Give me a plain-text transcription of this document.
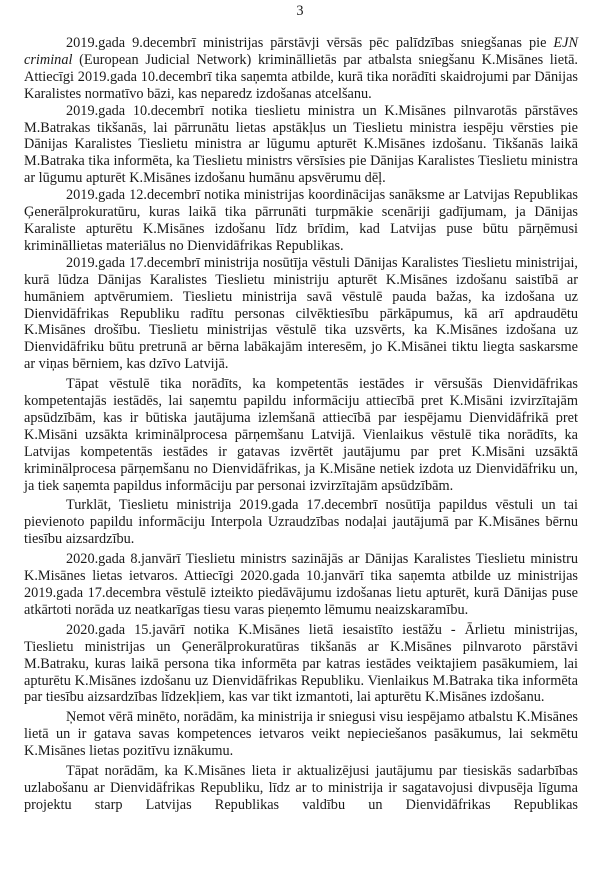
3

2019.gada 9.decembrī ministrijas pārstāvji vērsās pēc palīdzības sniegšanas pie EJN criminal (European Judicial Network) krimināllietās par atbalsta sniegšanu K.Misānes lietā. Attiecīgi 2019.gada 10.decembrī tika saņemta atbilde, kurā tika norādīti skaidrojumi par Dānijas Karalistes normatīvo bāzi, kas neparedz izdošanas atcelšanu.

2019.gada 10.decembrī notika tieslietu ministra un K.Misānes pilnvarotās pārstāves M.Batrakas tikšanās, lai pārrunātu lietas apstākļus un Tieslietu ministra iespēju vērsties pie Dānijas Karalistes Tieslietu ministra ar lūgumu apturēt K.Misānes izdošanu. Tikšanās laikā M.Batraka tika informēta, ka Tieslietu ministrs vērsīsies pie Dānijas Karalistes Tieslietu ministra ar lūgumu apturēt K.Misānes izdošanu humānu apsvērumu dēļ.

2019.gada 12.decembrī notika ministrijas koordinācijas sanāksme ar Latvijas Republikas Ģenerālprokuratūru, kuras laikā tika pārrunāti turpmākie scenāriji gadījumam, ja Dānijas Karaliste apturētu K.Misānes izdošanu līdz brīdim, kad Latvijas puse būtu pārņēmusi krimināllietas materiālus no Dienvidāfrikas Republikas.

2019.gada 17.decembrī ministrija nosūtīja vēstuli Dānijas Karalistes Tieslietu ministrijai, kurā lūdza Dānijas Karalistes Tieslietu ministriju apturēt K.Misānes izdošanu saistībā ar humāniem aptvērumiem. Tieslietu ministrija savā vēstulē pauda bažas, ka izdošana uz Dienvidāfrikas Republiku radītu personas cilvēktiesību pārkāpumus, kā arī apdraudētu K.Misānes drošību. Tieslietu ministrijas vēstulē tika uzsvērts, ka K.Misānes izdošana uz Dienvidāfriku būtu pretrunā ar bērna labākajām interesēm, jo K.Misānei tiktu liegta saskarsme ar viņas bērniem, kas dzīvo Latvijā.

Tāpat vēstulē tika norādīts, ka kompetentās iestādes ir vērsušās Dienvidāfrikas kompetentajās iestādēs, lai saņemtu papildu informāciju attiecībā pret K.Misāni izvirzītajām apsūdzībām, kas ir būtiska jautājuma izlemšanā attiecībā par iespējamu Dienvidāfrikā pret K.Misāni uzsākta kriminālprocesa pārņemšanu Latvijā. Vienlaikus vēstulē tika norādīts, ka Latvijas kompetentās iestādes ir gatavas izvērtēt jautājumu par pret K.Misāni uzsāktā kriminālprocesa pārņemšanu no Dienvidāfrikas, ja K.Misāne netiek izdota uz Dienvidāfriku un, ja tiek saņemta papildus informāciju par personai izvirzītajām apsūdzībām.

Turklāt, Tieslietu ministrija 2019.gada 17.decembrī nosūtīja papildus vēstuli un tai pievienoto papildu informāciju Interpola Uzraudzības nodaļai jautājumā par K.Misānes bērnu tiesību aizsardzību.

2020.gada 8.janvārī Tieslietu ministrs sazinājās ar Dānijas Karalistes Tieslietu ministru K.Misānes lietas ietvaros. Attiecīgi 2020.gada 10.janvārī tika saņemta atbilde uz ministrijas 2019.gada 17.decembra vēstulē izteikto piedāvājumu izdošanas lietu apturēt, kurā Dānijas puse atkārtoti norāda uz neatkarīgas tiesu varas pieņemto lēmumu neaizskaramību.

2020.gada 15.javārī notika K.Misānes lietā iesaistīto iestāžu - Ārlietu ministrijas, Tieslietu ministrijas un Ģenerālprokuratūras tikšanās ar K.Misānes pilnvaroto pārstāvi M.Batraku, kuras laikā persona tika informēta par katras iestādes veiktajiem pasākumiem, lai apturētu K.Misānes izdošanu uz Dienvidāfrikas Republiku. Vienlaikus M.Batraka tika informēta par tiesību aizsardzības līdzekļiem, kas var tikt izmantoti, lai apturētu K.Misānes izdošanu.

Ņemot vērā minēto, norādām, ka ministrija ir sniegusi visu iespējamo atbalstu K.Misānes lietā un ir gatava savas kompetences ietvaros veikt nepieciešanos pasākumus, lai sekmētu K.Misānes lietas pozitīvu iznākumu.

Tāpat norādām, ka K.Misānes lieta ir aktualizējusi jautājumu par tiesiskās sadarbības uzlabošanu ar Dienvidāfrikas Republiku, līdz ar to ministrija ir sagatavojusi divpusēja līguma projektu starp Latvijas Republikas valdību un Dienvidāfrikas Republikas
